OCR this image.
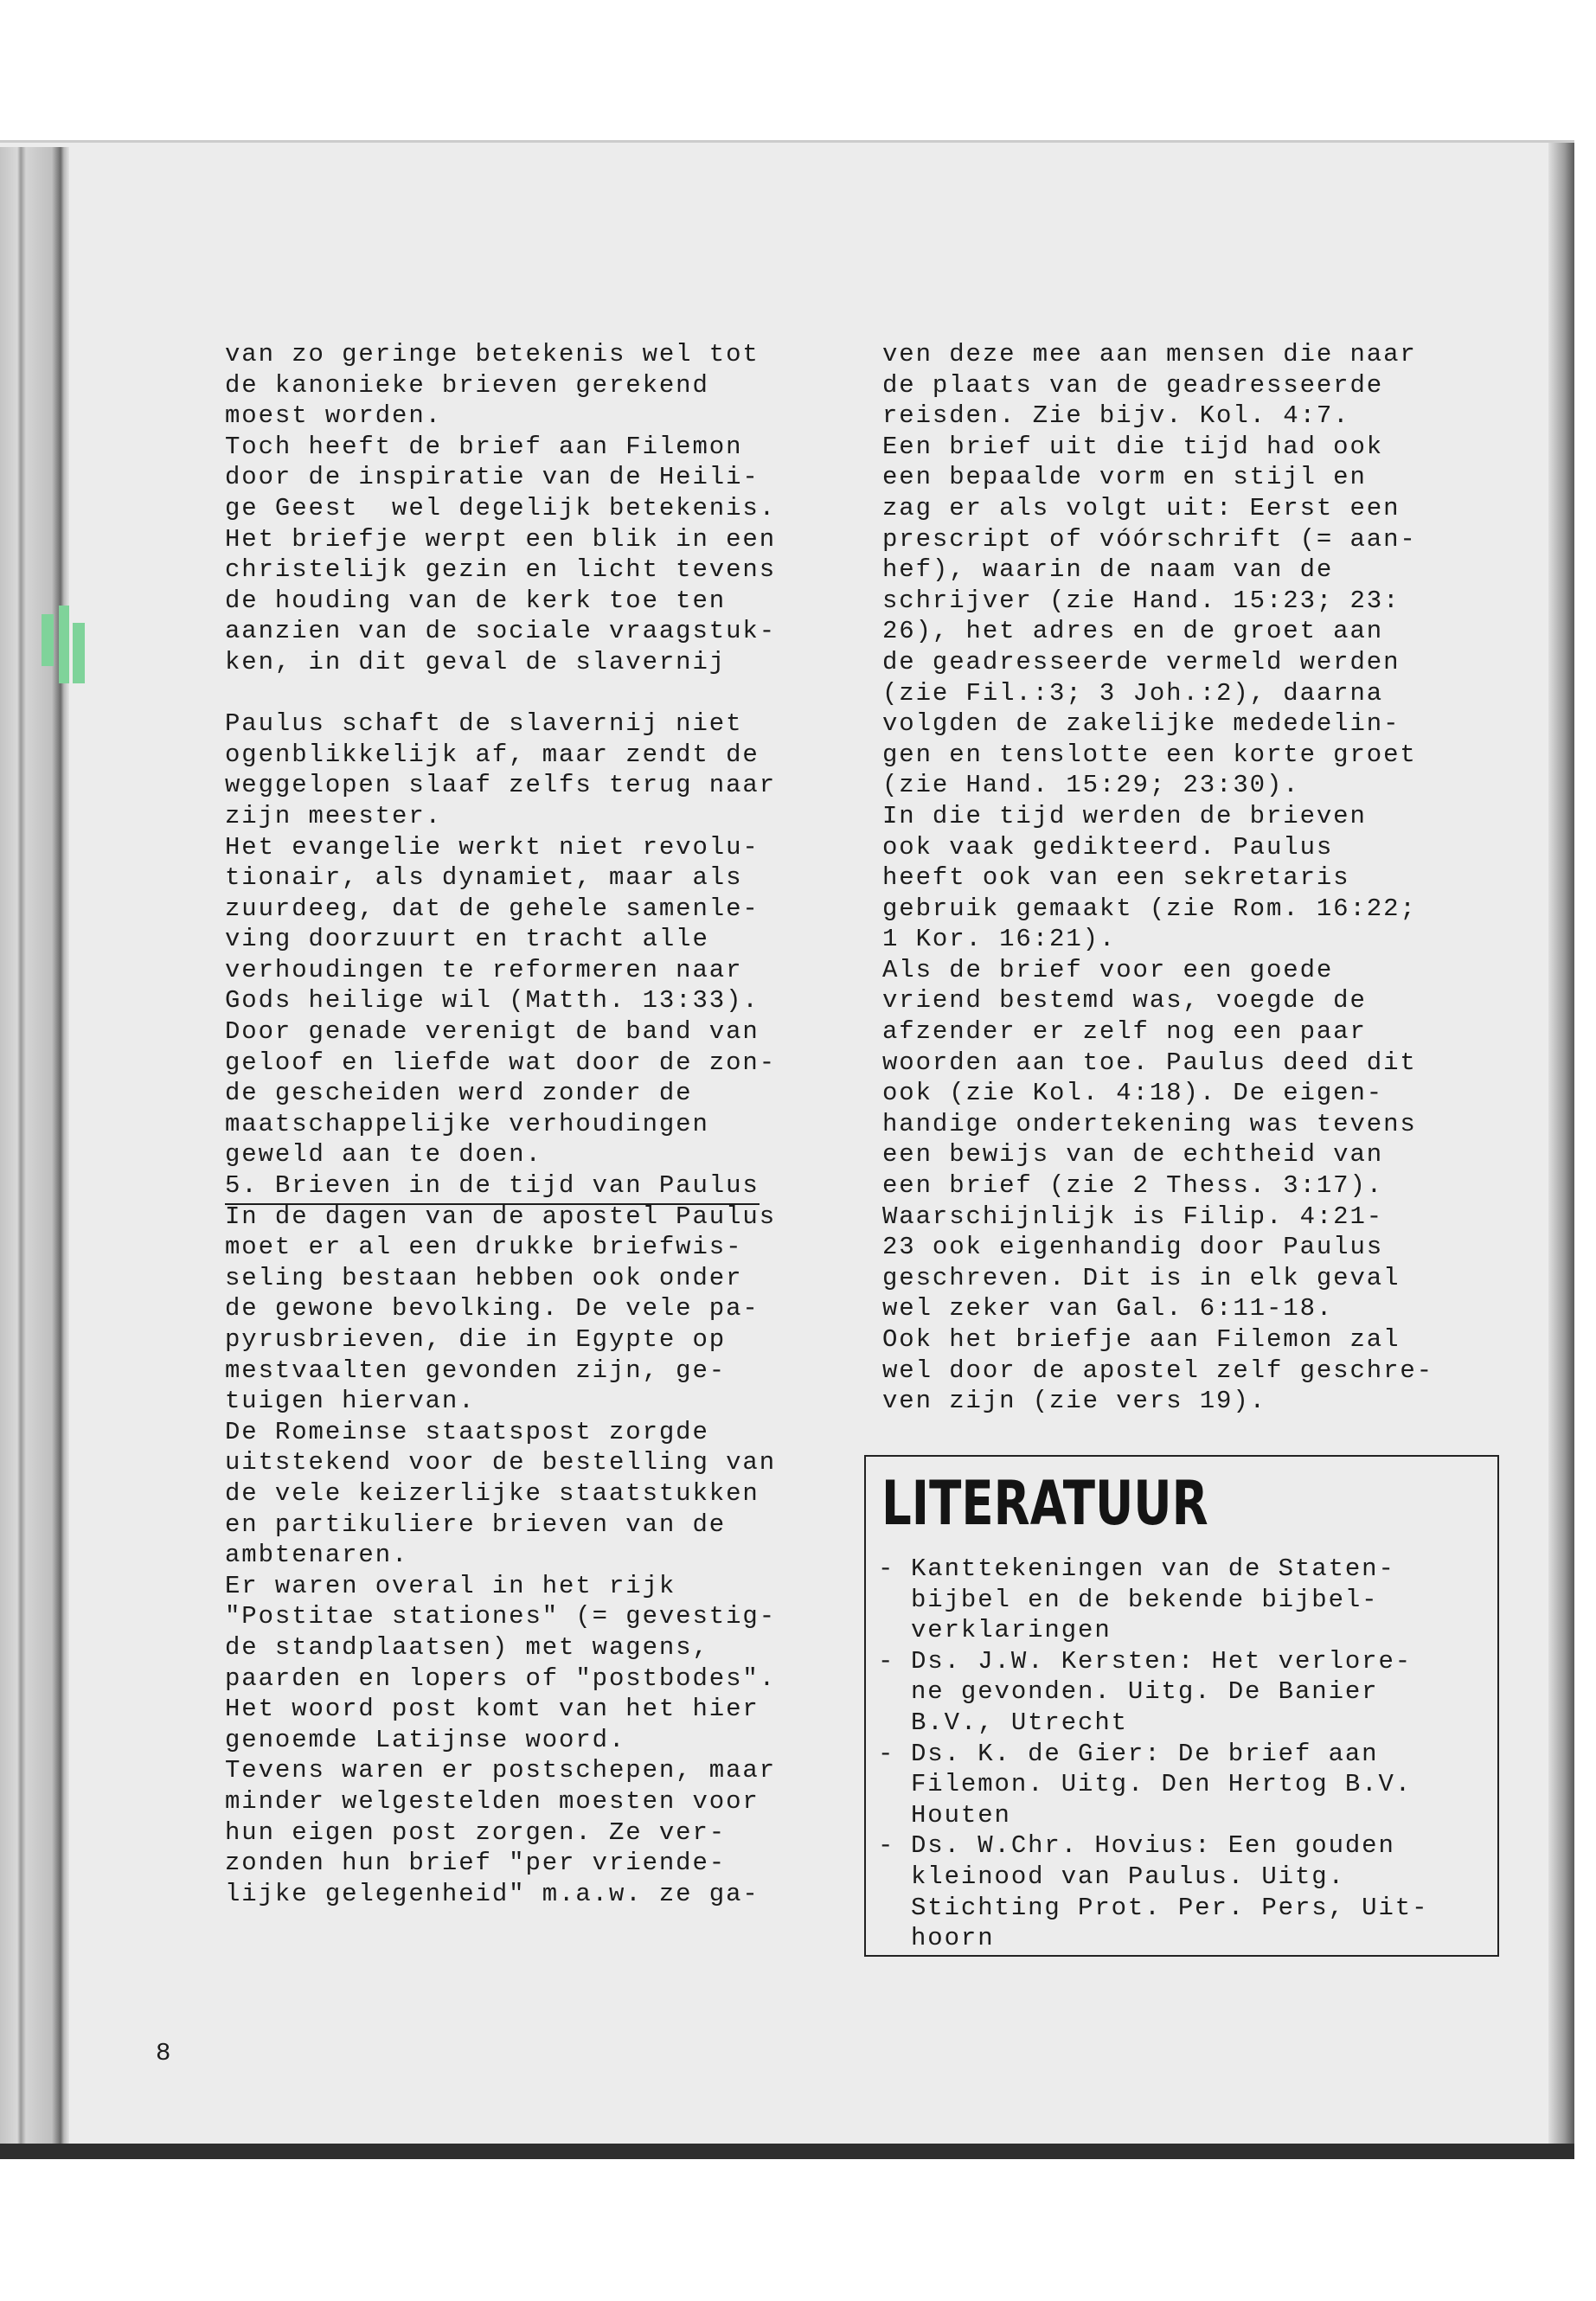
van zo geringe betekenis wel tot
de kanonieke brieven gerekend
moest worden.
Toch heeft de brief aan Filemon
door de inspiratie van de Heili-
ge Geest  wel degelijk betekenis.
Het briefje werpt een blik in een
christelijk gezin en licht tevens
de houding van de kerk toe ten
aanzien van de sociale vraagstuk-
ken, in dit geval de slavernij
Paulus schaft de slavernij niet
ogenblikkelijk af, maar zendt de
weggelopen slaaf zelfs terug naar
zijn meester.
Het evangelie werkt niet revolu-
tionair, als dynamiet, maar als
zuurdeeg, dat de gehele samenle-
ving doorzuurt en tracht alle
verhoudingen te reformeren naar
Gods heilige wil (Matth. 13:33).
Door genade verenigt de band van
geloof en liefde wat door de zon-
de gescheiden werd zonder de
maatschappelijke verhoudingen
geweld aan te doen.
5. Brieven in de tijd van Paulus
In de dagen van de apostel Paulus
moet er al een drukke briefwis-
seling bestaan hebben ook onder
de gewone bevolking. De vele pa-
pyrusbrieven, die in Egypte op
mestvaalten gevonden zijn, ge-
tuigen hiervan.
De Romeinse staatspost zorgde
uitstekend voor de bestelling van
de vele keizerlijke staatstukken
en partikuliere brieven van de
ambtenaren.
Er waren overal in het rijk
"Postitae stationes" (= gevestig-
de standplaatsen) met wagens,
paarden en lopers of "postbodes".
Het woord post komt van het hier
genoemde Latijnse woord.
Tevens waren er postschepen, maar
minder welgestelden moesten voor
hun eigen post zorgen. Ze ver-
zonden hun brief "per vriende-
lijke gelegenheid" m.a.w. ze ga-
ven deze mee aan mensen die naar
de plaats van de geadresseerde
reisden. Zie bijv. Kol. 4:7.
Een brief uit die tijd had ook
een bepaalde vorm en stijl en
zag er als volgt uit: Eerst een
prescript of vóórschrift (= aan-
hef), waarin de naam van de
schrijver (zie Hand. 15:23; 23:
26), het adres en de groet aan
de geadresseerde vermeld werden
(zie Fil.:3; 3 Joh.:2), daarna
volgden de zakelijke mededelin-
gen en tenslotte een korte groet
(zie Hand. 15:29; 23:30).
In die tijd werden de brieven
ook vaak gedikteerd. Paulus
heeft ook van een sekretaris
gebruik gemaakt (zie Rom. 16:22;
1 Kor. 16:21).
Als de brief voor een goede
vriend bestemd was, voegde de
afzender er zelf nog een paar
woorden aan toe. Paulus deed dit
ook (zie Kol. 4:18). De eigen-
handige ondertekening was tevens
een bewijs van de echtheid van
een brief (zie 2 Thess. 3:17).
Waarschijnlijk is Filip. 4:21-
23 ook eigenhandig door Paulus
geschreven. Dit is in elk geval
wel zeker van Gal. 6:11-18.
Ook het briefje aan Filemon zal
wel door de apostel zelf geschre-
ven zijn (zie vers 19).
LITERATUUR
- Kanttekeningen van de Staten-
bijbel en de bekende bijbel-
verklaringen
- Ds. J.W. Kersten: Het verlore-
ne gevonden. Uitg. De Banier
B.V., Utrecht
- Ds. K. de Gier: De brief aan
Filemon. Uitg. Den Hertog B.V.
Houten
- Ds. W.Chr. Hovius: Een gouden
kleinood van Paulus. Uitg.
Stichting Prot. Per. Pers, Uit-
hoorn
8
